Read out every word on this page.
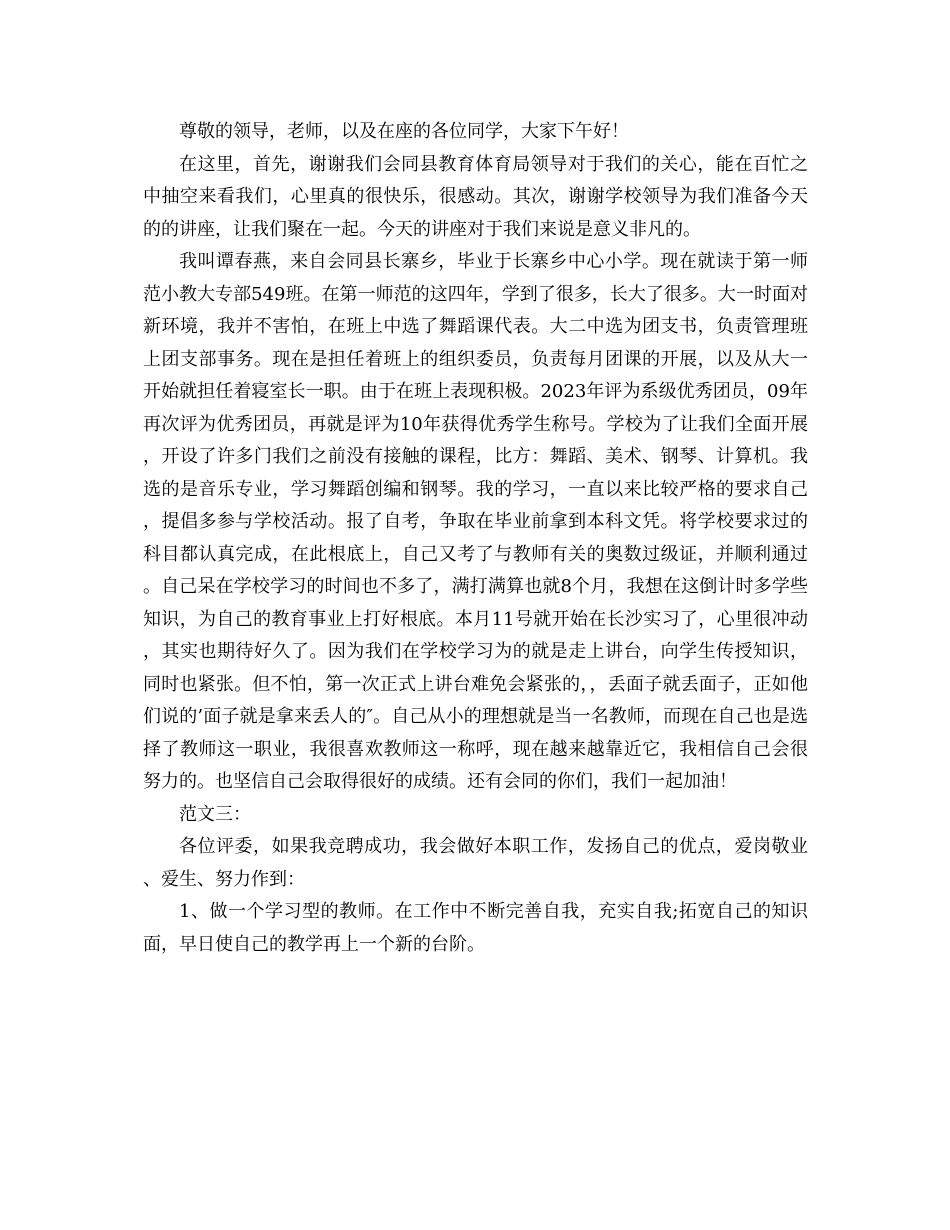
尊敬的领导，老师，以及在座的各位同学，大家下午好！

在这里，首先，谢谢我们会同县教育体育局领导对于我们的关心，能在百忙之中抽空来看我们，心里真的很快乐，很感动。其次，谢谢学校领导为我们准备今天的的讲座，让我们聚在一起。今天的讲座对于我们来说是意义非凡的。

我叫谭春燕，来自会同县长寨乡，毕业于长寨乡中心小学。现在就读于第一师范小教大专部549班。在第一师范的这四年，学到了很多，长大了很多。大一时面对新环境，我并不害怕，在班上中选了舞蹈课代表。大二中选为团支书，负责管理班上团支部事务。现在是担任着班上的组织委员，负责每月团课的开展，以及从大一开始就担任着寝室长一职。由于在班上表现积极。2023年评为系级优秀团员，09年再次评为优秀团员，再就是评为10年获得优秀学生称号。学校为了让我们全面开展，开设了许多门我们之前没有接触的课程，比方：舞蹈、美术、钢琴、计算机。我选的是音乐专业，学习舞蹈创编和钢琴。我的学习，一直以来比较严格的要求自己，提倡多参与学校活动。报了自考，争取在毕业前拿到本科文凭。将学校要求过的科目都认真完成，在此根底上，自己又考了与教师有关的奥数过级证，并顺利通过。自己呆在学校学习的时间也不多了，满打满算也就8个月，我想在这倒计时多学些知识，为自己的教育事业上打好根底。本月11号就开始在长沙实习了，心里很冲动，其实也期待好久了。因为我们在学校学习为的就是走上讲台，向学生传授知识，同时也紧张。但不怕，第一次正式上讲台难免会紧张的，，丢面子就丢面子，正如他们说的’面子就是拿来丢人的″。自己从小的理想就是当一名教师，而现在自己也是选择了教师这一职业，我很喜欢教师这一称呼，现在越来越靠近它，我相信自己会很努力的。也坚信自己会取得很好的成绩。还有会同的你们，我们一起加油！

范文三：

各位评委，如果我竞聘成功，我会做好本职工作，发扬自己的优点，爱岗敬业、爱生、努力作到：

1、做一个学习型的教师。在工作中不断完善自我，充实自我;拓宽自己的知识面，早日使自己的教学再上一个新的台阶。
